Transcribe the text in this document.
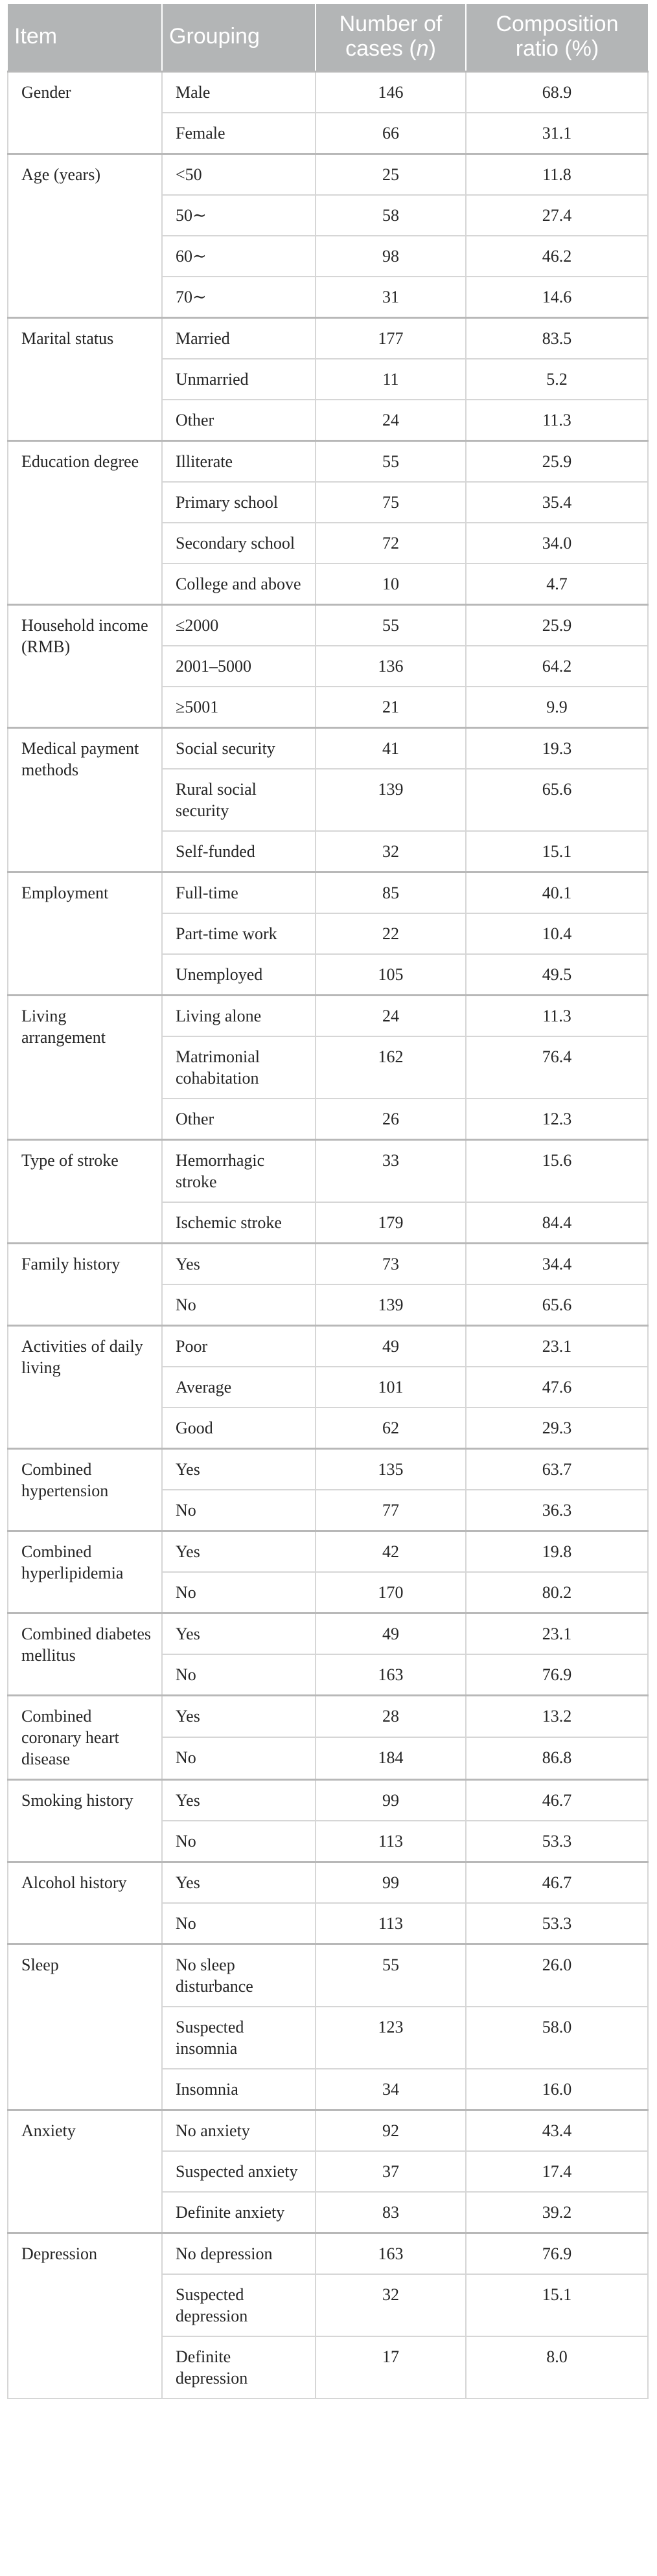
Item	Grouping	Number of cases (n)	Composition ratio (%)
Gender	Male	146	68.9
	Female	66	31.1
Age (years)	<50	25	11.8
	50∼	58	27.4
	60∼	98	46.2
	70∼	31	14.6
Marital status	Married	177	83.5
	Unmarried	11	5.2
	Other	24	11.3
Education degree	Illiterate	55	25.9
	Primary school	75	35.4
	Secondary school	72	34.0
	College and above	10	4.7
Household income (RMB)	≤2000	55	25.9
	2001–5000	136	64.2
	≥5001	21	9.9
Medical payment methods	Social security	41	19.3
	Rural social security	139	65.6
	Self-funded	32	15.1
Employment	Full-time	85	40.1
	Part-time work	22	10.4
	Unemployed	105	49.5
Living arrangement	Living alone	24	11.3
	Matrimonial cohabitation	162	76.4
	Other	26	12.3
Type of stroke	Hemorrhagic stroke	33	15.6
	Ischemic stroke	179	84.4
Family history	Yes	73	34.4
	No	139	65.6
Activities of daily living	Poor	49	23.1
	Average	101	47.6
	Good	62	29.3
Combined hypertension	Yes	135	63.7
	No	77	36.3
Combined hyperlipidemia	Yes	42	19.8
	No	170	80.2
Combined diabetes mellitus	Yes	49	23.1
	No	163	76.9
Combined coronary heart disease	Yes	28	13.2
	No	184	86.8
Smoking history	Yes	99	46.7
	No	113	53.3
Alcohol history	Yes	99	46.7
	No	113	53.3
Sleep	No sleep disturbance	55	26.0
	Suspected insomnia	123	58.0
	Insomnia	34	16.0
Anxiety	No anxiety	92	43.4
	Suspected anxiety	37	17.4
	Definite anxiety	83	39.2
Depression	No depression	163	76.9
	Suspected depression	32	15.1
	Definite depression	17	8.0
